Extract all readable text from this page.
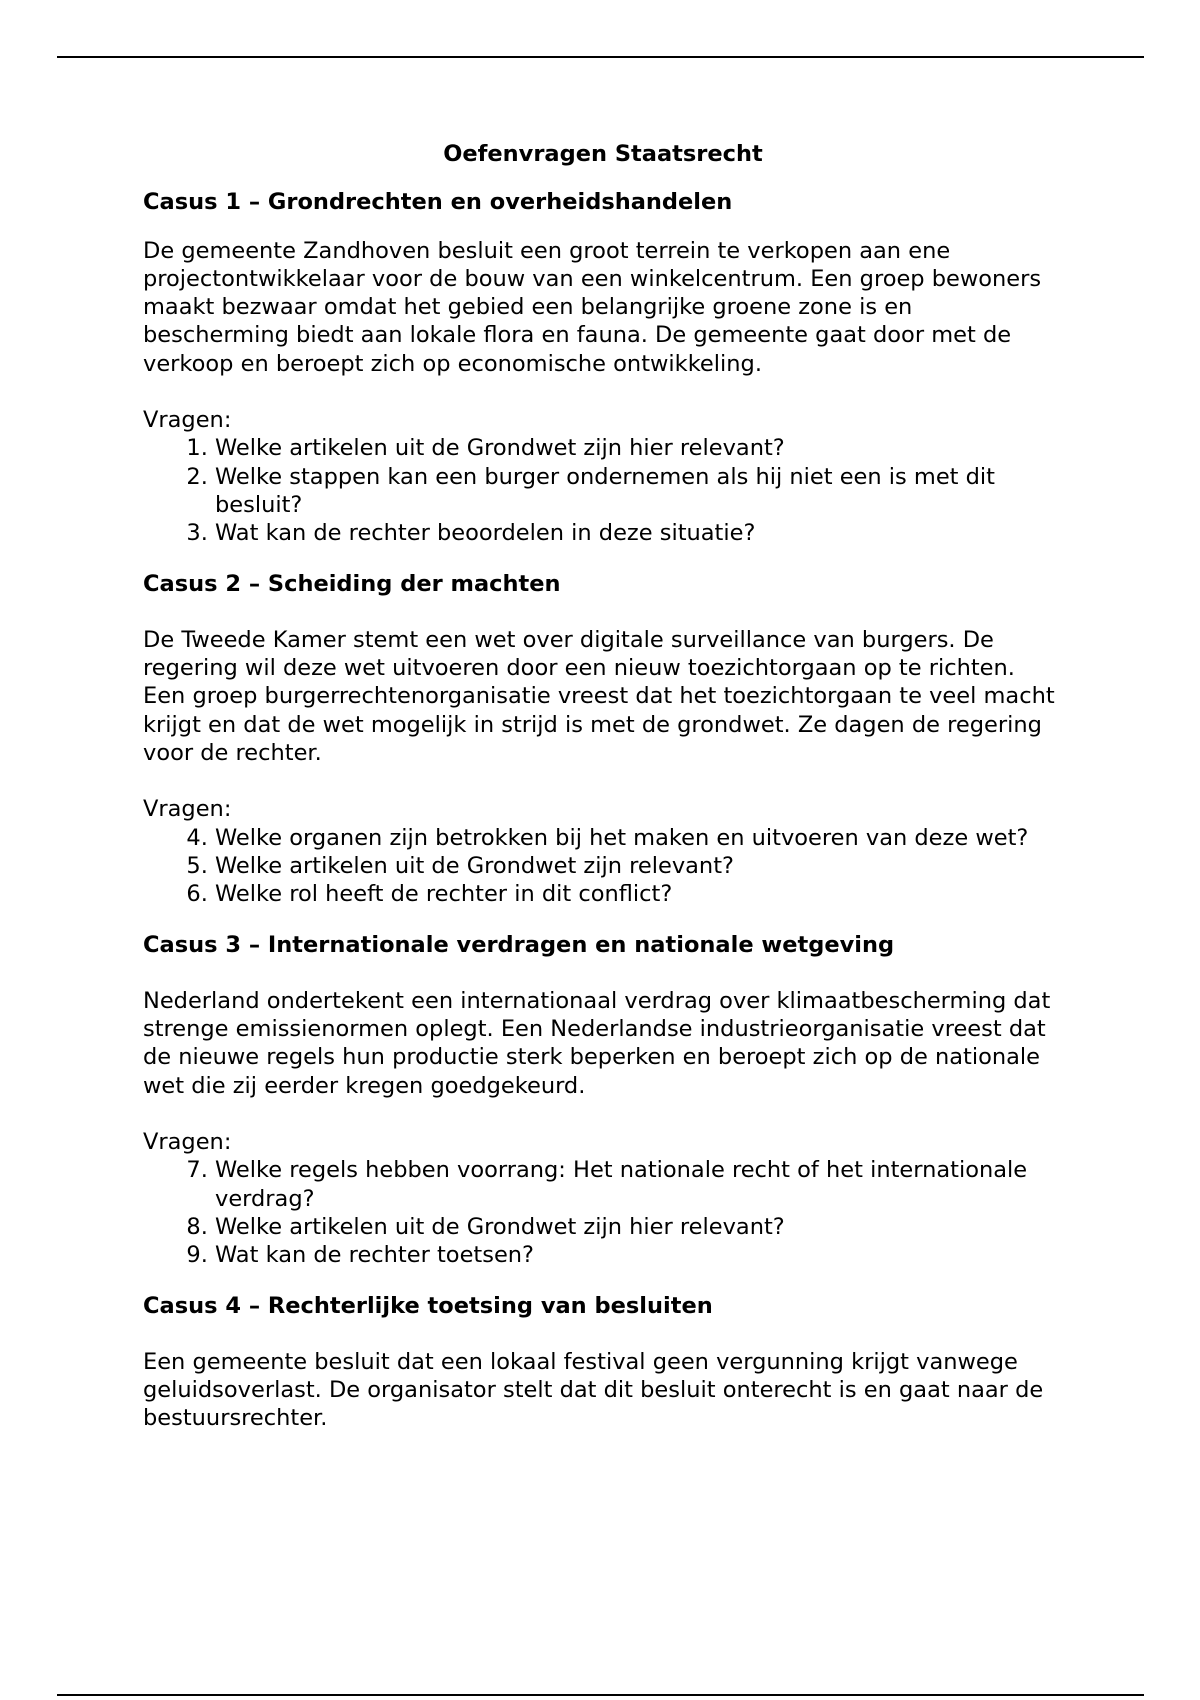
Oefenvragen Staatsrecht
Casus 1 – Grondrechten en overheidshandelen

De gemeente Zandhoven besluit een groot terrein te verkopen aan ene projectontwikkelaar voor de bouw van een winkelcentrum. Een groep bewoners maakt bezwaar omdat het gebied een belangrijke groene zone is en bescherming biedt aan lokale flora en fauna. De gemeente gaat door met de verkoop en beroept zich op economische ontwikkeling.

Vragen:

1. Welke artikelen uit de Grondwet zijn hier relevant?
2. Welke stappen kan een burger ondernemen als hij niet een is met dit besluit?
3. Wat kan de rechter beoordelen in deze situatie?
Casus 2 – Scheiding der machten

De Tweede Kamer stemt een wet over digitale surveillance van burgers. De regering wil deze wet uitvoeren door een nieuw toezichtorgaan op te richten. Een groep burgerrechtenorganisatie vreest dat het toezichtorgaan te veel macht krijgt en dat de wet mogelijk in strijd is met de grondwet. Ze dagen de regering voor de rechter.

Vragen:

4. Welke organen zijn betrokken bij het maken en uitvoeren van deze wet?
5. Welke artikelen uit de Grondwet zijn relevant?
6. Welke rol heeft de rechter in dit conflict?
Casus 3 – Internationale verdragen en nationale wetgeving

Nederland ondertekent een internationaal verdrag over klimaatbescherming dat strenge emissienormen oplegt. Een Nederlandse industrieorganisatie vreest dat de nieuwe regels hun productie sterk beperken en beroept zich op de nationale wet die zij eerder kregen goedgekeurd.

Vragen:

7. Welke regels hebben voorrang: Het nationale recht of het internationale verdrag?
8. Welke artikelen uit de Grondwet zijn hier relevant?
9. Wat kan de rechter toetsen?
Casus 4 – Rechterlijke toetsing van besluiten

Een gemeente besluit dat een lokaal festival geen vergunning krijgt vanwege geluidsoverlast. De organisator stelt dat dit besluit onterecht is en gaat naar de bestuursrechter.
